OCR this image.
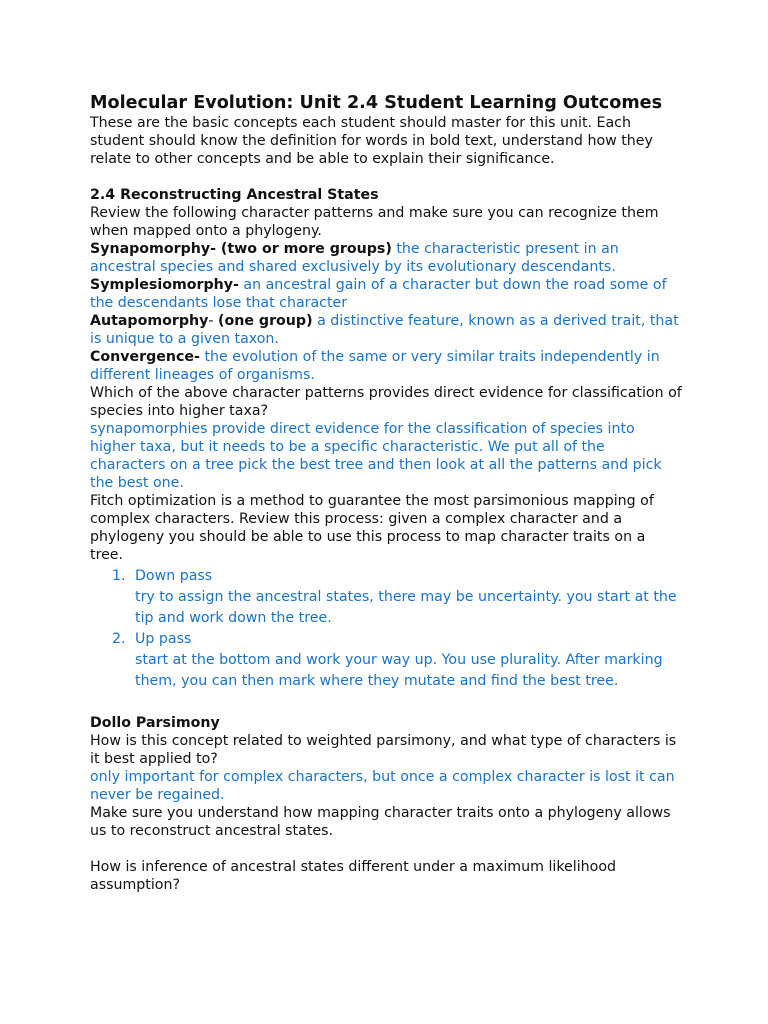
Molecular Evolution: Unit 2.4 Student Learning Outcomes

These are the basic concepts each student should master for this unit. Each student should know the definition for words in bold text, understand how they relate to other concepts and be able to explain their significance.

2.4 Reconstructing Ancestral States

Review the following character patterns and make sure you can recognize them when mapped onto a phylogeny.

Synapomorphy- (two or more groups) the characteristic present in an ancestral species and shared exclusively by its evolutionary descendants.

Symplesiomorphy- an ancestral gain of a character but down the road some of the descendants lose that character

Autapomorphy- (one group) a distinctive feature, known as a derived trait, that is unique to a given taxon.

Convergence- the evolution of the same or very similar traits independently in different lineages of organisms.

Which of the above character patterns provides direct evidence for classification of species into higher taxa?

synapomorphies provide direct evidence for the classification of species into higher taxa, but it needs to be a specific characteristic. We put all of the characters on a tree pick the best tree and then look at all the patterns and pick the best one.

Fitch optimization is a method to guarantee the most parsimonious mapping of complex characters. Review this process: given a complex character and a phylogeny you should be able to use this process to map character traits on a tree.

1. Down pass
try to assign the ancestral states, there may be uncertainty. you start at the tip and work down the tree.
2. Up pass
start at the bottom and work your way up. You use plurality. After marking them, you can then mark where they mutate and find the best tree.

Dollo Parsimony

How is this concept related to weighted parsimony, and what type of characters is it best applied to?

only important for complex characters, but once a complex character is lost it can never be regained.

Make sure you understand how mapping character traits onto a phylogeny allows us to reconstruct ancestral states.

How is inference of ancestral states different under a maximum likelihood assumption?
